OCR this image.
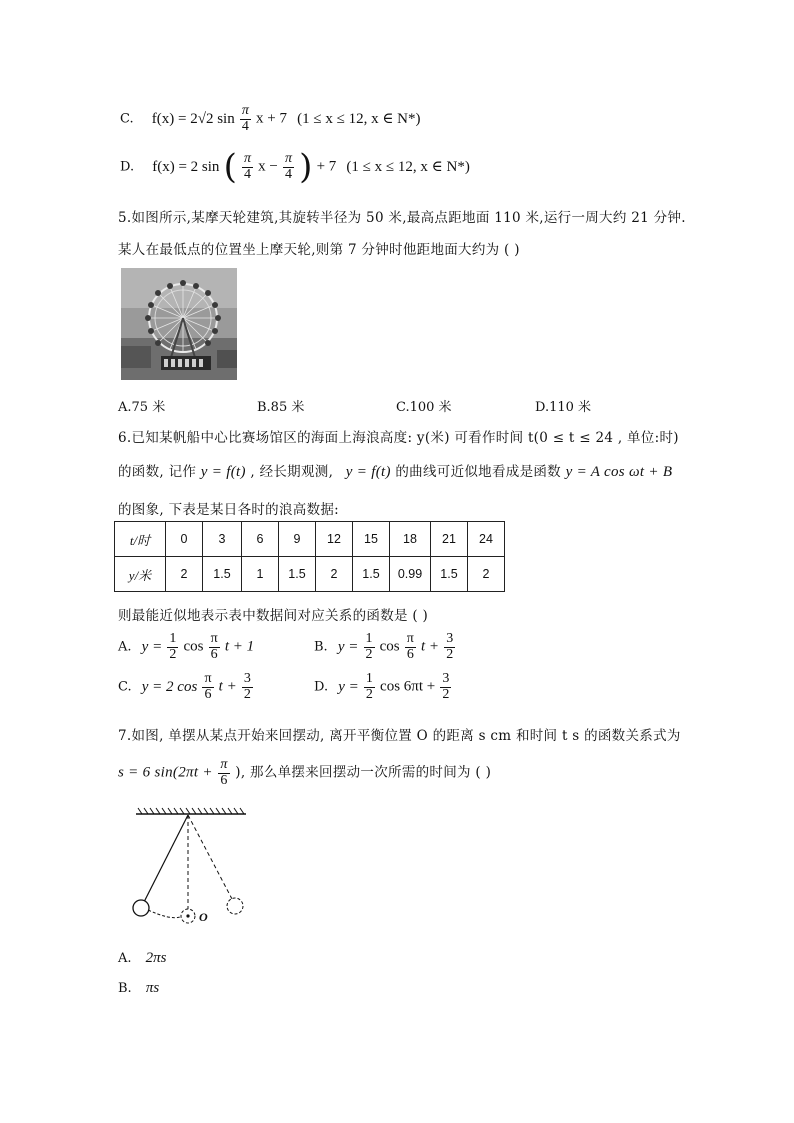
C. f(x) = 2√2 $\sin \frac{\pi}{4}$ x + 7 (1 ≤ x ≤ 12, x ∈ N*)
D. f(x) = 2 sin ( $\frac{\pi}{4}$ $x - \frac{\pi}{4}$ ) + 7 (1 ≤ x ≤ 12, x ∈ N*)
5.如图所示,某摩天轮建筑,其旋转半径为 50 米,最高点距地面 110 米,运行一周大约 21 分钟.
某人在最低点的位置坐上摩天轮,则第 7 分钟时他距地面大约为 ( )
A.75 米	B.85 米	C.100 米	D.110 米
6.已知某帆船中心比赛场馆区的海面上海浪高度: y(米) 可看作时间 t(0 ≤ t ≤ 24 , 单位:时)
的函数, 记作 y = f(t) , 经长期观测, y = f(t) 的曲线可近似地看成是函数 y = A cos ωt + B
的图象, 下表是某日各时的浪高数据:
t/时	0	3	6	9	12	15	18	21	24
y/米	2	1.5	1	1.5	2	1.5	0.99	1.5	2
则最能近似地表示表中数据间对应关系的函数是 ( )
A. $y = \frac{1}{2}$ $\cos \frac{\pi}{6}$ t + 1	B. $y = \frac{1}{2}$ $\cos \frac{\pi}{6}$ $t + \frac{3}{2}$
C. y = 2 $\cos \frac{\pi}{6}$ $t + \frac{3}{2}$	D. $y = \frac{1}{2}$ $\cos 6\pi t + \frac{3}{2}$
7.如图, 单摆从某点开始来回摆动, 离开平衡位置 O 的距离 s cm 和时间 t s 的函数关系式为
s = 6 $\sin(2\pi t + \frac{\pi}{6}$ ), 那么单摆来回摆动一次所需的时间为 ( )
O
A. 2πs
B. πs
